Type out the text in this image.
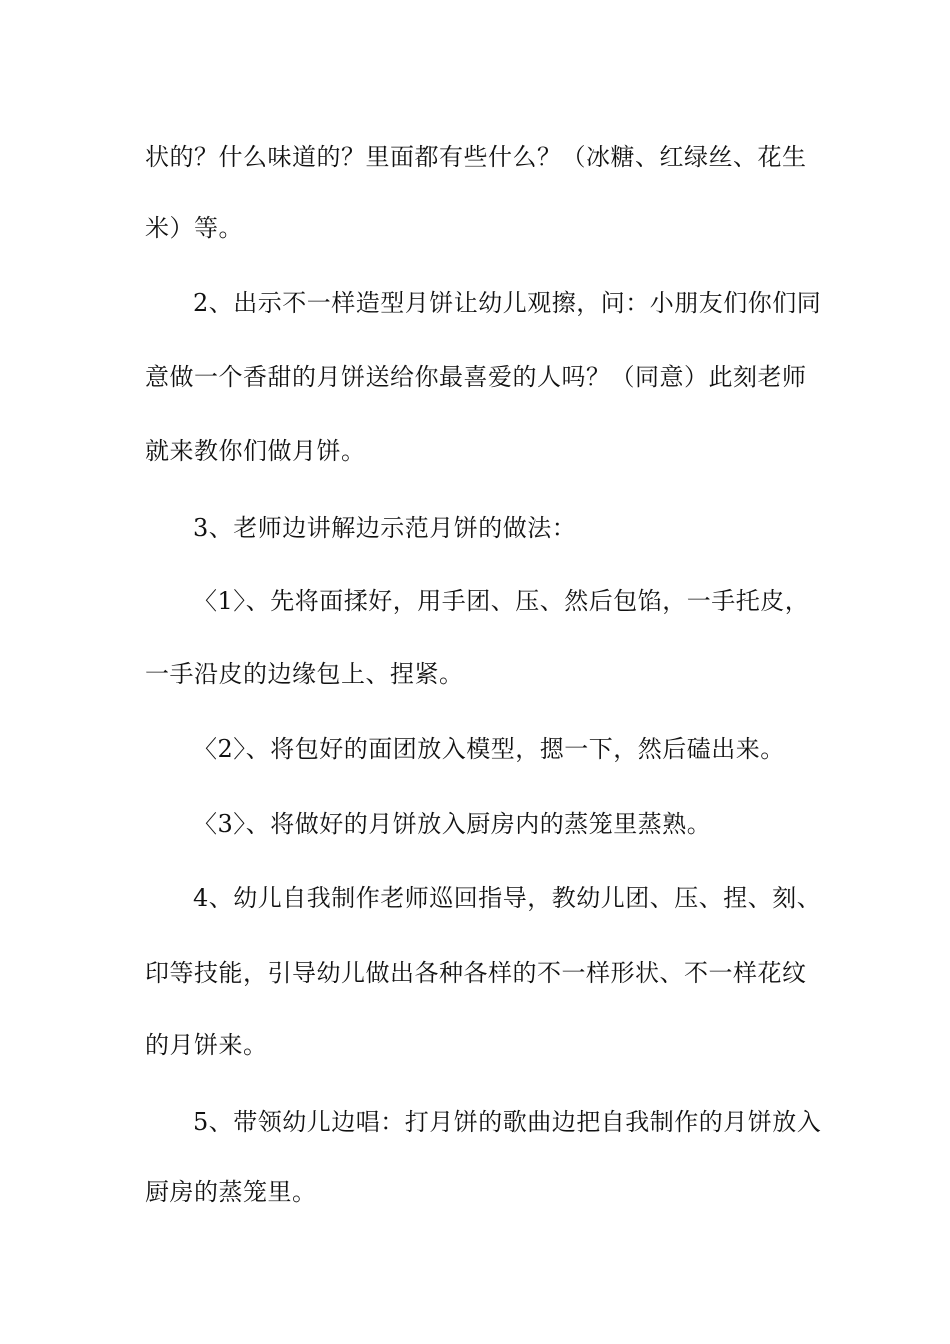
状的？什么味道的？里面都有些什么？（冰糖、红绿丝、花生
米）等。
2、出示不一样造型月饼让幼儿观擦，问：小朋友们你们同
意做一个香甜的月饼送给你最喜爱的人吗？（同意）此刻老师
就来教你们做月饼。
3、老师边讲解边示范月饼的做法：
〈1〉、先将面揉好，用手团、压、然后包馅，一手托皮，
一手沿皮的边缘包上、捏紧。
〈2〉、将包好的面团放入模型，摁一下，然后磕出来。
〈3〉、将做好的月饼放入厨房内的蒸笼里蒸熟。
4、幼儿自我制作老师巡回指导，教幼儿团、压、捏、刻、
印等技能，引导幼儿做出各种各样的不一样形状、不一样花纹
的月饼来。
5、带领幼儿边唱：打月饼的歌曲边把自我制作的月饼放入
厨房的蒸笼里。
